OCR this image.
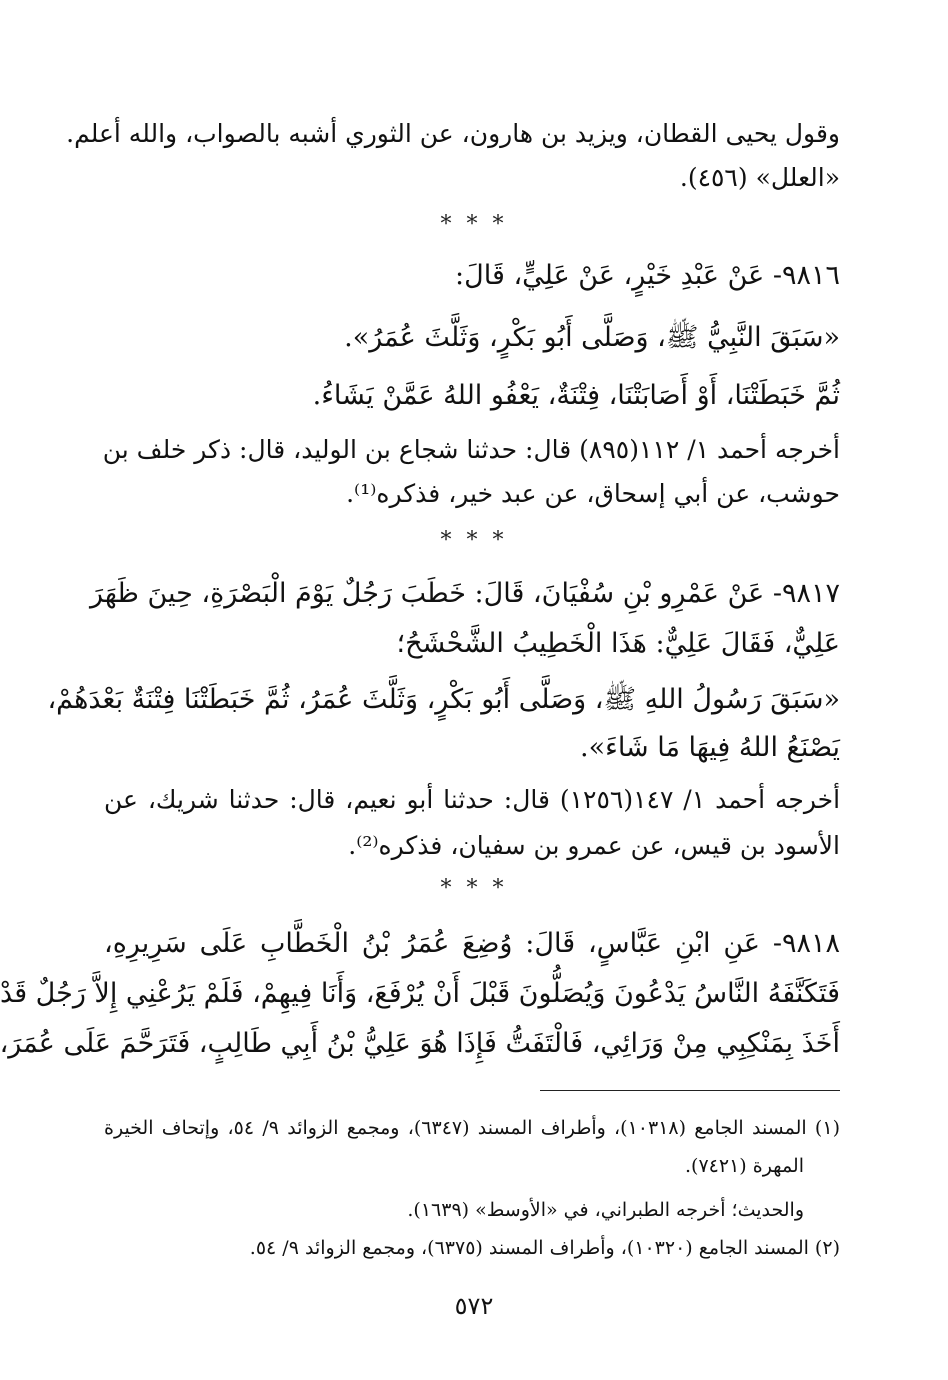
وقول يحيى القطان، ويزيد بن هارون، عن الثوري أشبه بالصواب، والله أعلم.
«العلل» (٤٥٦).
* * *
٩٨١٦- عَنْ عَبْدِ خَيْرٍ، عَنْ عَلِيٍّ، قَالَ:
«سَبَقَ النَّبِيُّ ﷺ، وَصَلَّى أَبُو بَكْرٍ، وَثَلَّثَ عُمَرُ».
ثُمَّ خَبَطَتْنَا، أَوْ أَصَابَتْنَا، فِتْنَةٌ، يَعْفُو اللهُ عَمَّنْ يَشَاءُ.
أخرجه أحمد ١/ ١١٢(٨٩٥) قال: حدثنا شجاع بن الوليد، قال: ذكر خلف بن
حوشب، عن أبي إسحاق، عن عبد خير، فذكره⁽¹⁾.
* * *
٩٨١٧- عَنْ عَمْرِو بْنِ سُفْيَانَ، قَالَ: خَطَبَ رَجُلٌ يَوْمَ الْبَصْرَةِ، حِينَ ظَهَرَ
عَلِيٌّ، فَقَالَ عَلِيٌّ: هَذَا الْخَطِيبُ الشَّحْشَحُ؛
«سَبَقَ رَسُولُ اللهِ ﷺ، وَصَلَّى أَبُو بَكْرٍ، وَثَلَّثَ عُمَرُ، ثُمَّ خَبَطَتْنَا فِتْنَةٌ بَعْدَهُمْ،
يَصْنَعُ اللهُ فِيهَا مَا شَاءَ».
أخرجه أحمد ١/ ١٤٧(١٢٥٦) قال: حدثنا أبو نعيم، قال: حدثنا شريك، عن
الأسود بن قيس، عن عمرو بن سفيان، فذكره⁽²⁾.
* * *
٩٨١٨- عَنِ ابْنِ عَبَّاسٍ، قَالَ: وُضِعَ عُمَرُ بْنُ الْخَطَّابِ عَلَى سَرِيرِهِ،
فَتَكَنَّفَهُ النَّاسُ يَدْعُونَ وَيُصَلُّونَ قَبْلَ أَنْ يُرْفَعَ، وَأَنَا فِيهِمْ، فَلَمْ يَرُعْنِي إِلاَّ رَجُلٌ قَدْ
أَخَذَ بِمَنْكِبِي مِنْ وَرَائِي، فَالْتَفَتُّ فَإِذَا هُوَ عَلِيُّ بْنُ أَبِي طَالِبٍ، فَتَرَحَّمَ عَلَى عُمَرَ،
(١) المسند الجامع (١٠٣١٨)، وأطراف المسند (٦٣٤٧)، ومجمع الزوائد ٩/ ٥٤، وإتحاف الخيرة
المهرة (٧٤٢١).
والحديث؛ أخرجه الطبراني، في «الأوسط» (١٦٣٩).
(٢) المسند الجامع (١٠٣٢٠)، وأطراف المسند (٦٣٧٥)، ومجمع الزوائد ٩/ ٥٤.
٥٧٢
